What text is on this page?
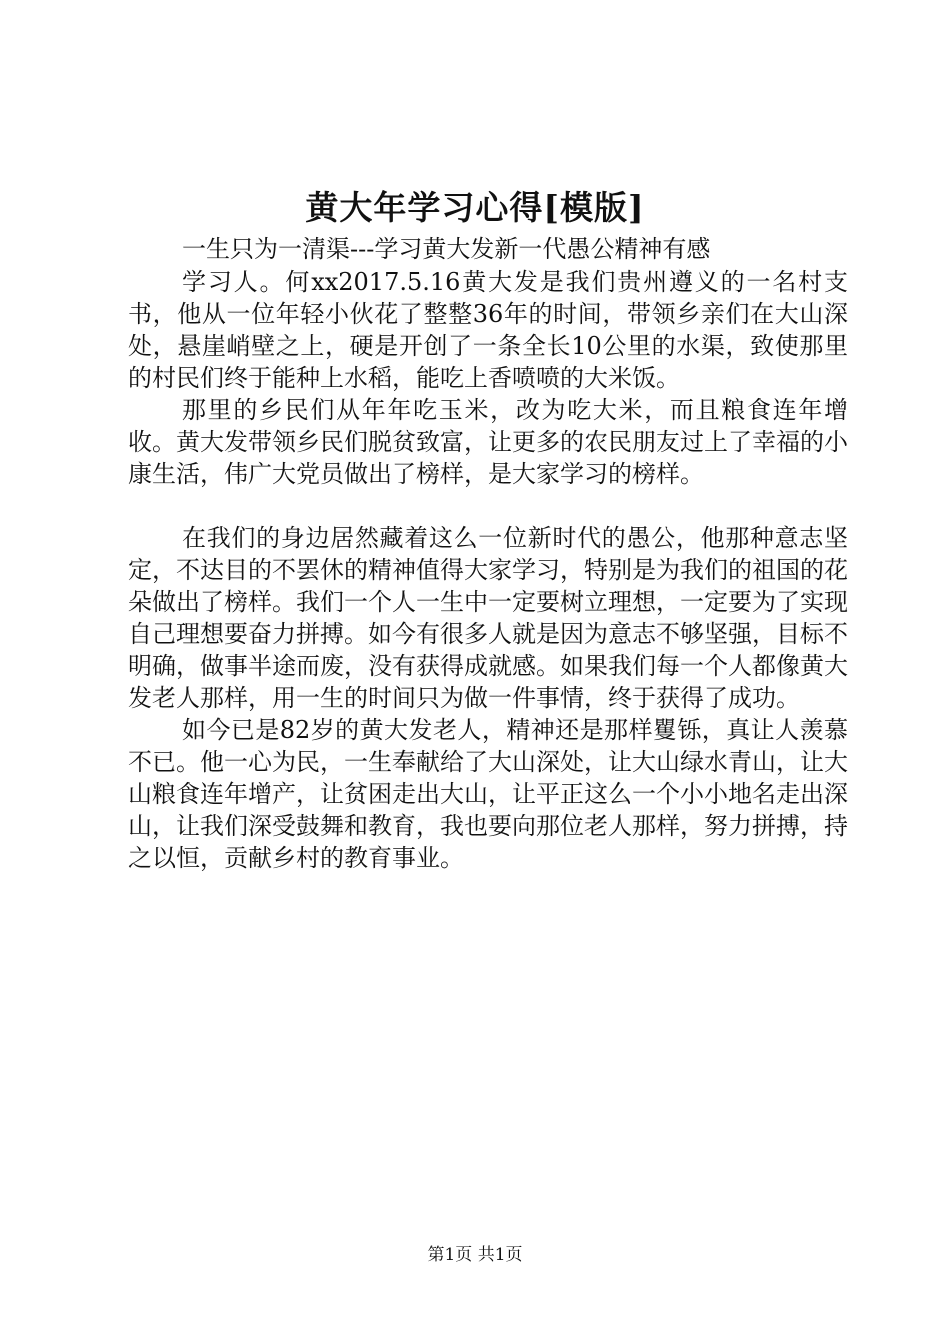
黄大年学习心得[模版]
一生只为一清渠---学习黄大发新一代愚公精神有感

学习人。何xx2017.5.16黄大发是我们贵州遵义的一名村支书，他从一位年轻小伙花了整整36年的时间，带领乡亲们在大山深处，悬崖峭壁之上，硬是开创了一条全长10公里的水渠，致使那里的村民们终于能种上水稻，能吃上香喷喷的大米饭。

那里的乡民们从年年吃玉米，改为吃大米，而且粮食连年增收。黄大发带领乡民们脱贫致富，让更多的农民朋友过上了幸福的小康生活，伟广大党员做出了榜样，是大家学习的榜样。

在我们的身边居然藏着这么一位新时代的愚公，他那种意志坚定，不达目的不罢休的精神值得大家学习，特别是为我们的祖国的花朵做出了榜样。我们一个人一生中一定要树立理想，一定要为了实现自己理想要奋力拼搏。如今有很多人就是因为意志不够坚强，目标不明确，做事半途而废，没有获得成就感。如果我们每一个人都像黄大发老人那样，用一生的时间只为做一件事情，终于获得了成功。

如今已是82岁的黄大发老人，精神还是那样矍铄，真让人羡慕不已。他一心为民，一生奉献给了大山深处，让大山绿水青山，让大山粮食连年增产，让贫困走出大山，让平正这么一个小小地名走出深山，让我们深受鼓舞和教育，我也要向那位老人那样，努力拼搏，持之以恒，贡献乡村的教育事业。

第1页 共1页
